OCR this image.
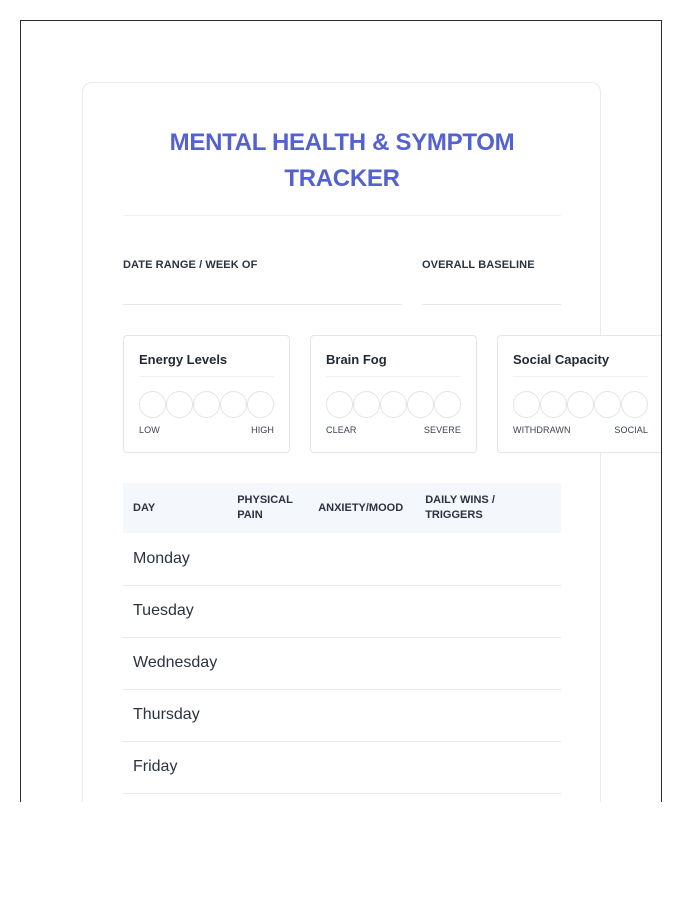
MENTAL HEALTH & SYMPTOM TRACKER
DATE RANGE / WEEK OF	OVERALL BASELINE
Energy Levels
LOW	HIGH
Brain Fog
CLEAR	SEVERE
Social Capacity
WITHDRAWN	SOCIAL
DAY	PHYSICAL PAIN	ANXIETY/MOOD	DAILY WINS / TRIGGERS
Monday			
Tuesday			
Wednesday			
Thursday			
Friday			
